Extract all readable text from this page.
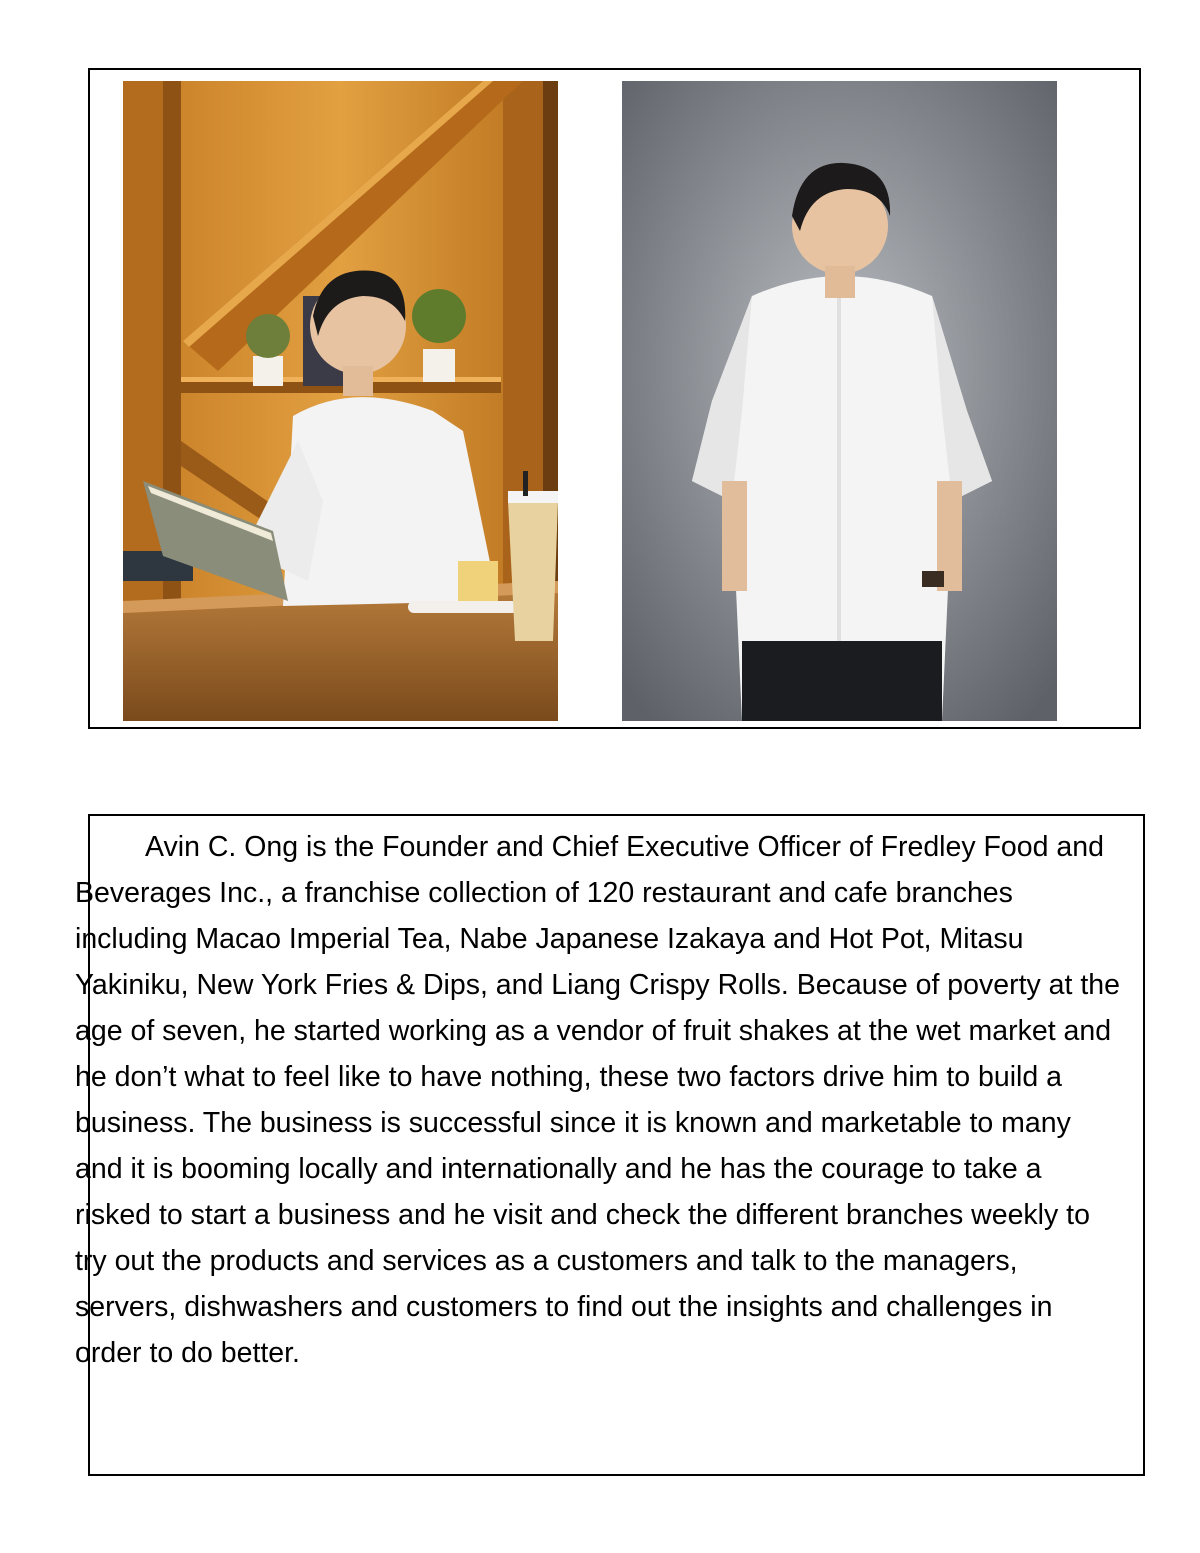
Avin C. Ong is the Founder and Chief Executive Officer of Fredley Food and Beverages Inc., a franchise collection of 120 restaurant and cafe branches including Macao Imperial Tea, Nabe Japanese Izakaya and Hot Pot, Mitasu Yakiniku, New York Fries & Dips, and Liang Crispy Rolls. Because of poverty at the age of seven, he started working as a vendor of fruit shakes at the wet market and he don’t what to feel like to have nothing, these two factors drive him to build a business. The business is successful since it is known and marketable to many and it is booming locally and internationally and he has the courage to take a risked to start a business and he visit and check the different branches weekly to try out the products and services as a customers and talk to the managers, servers, dishwashers and customers to find out the insights and challenges in order to do better.
